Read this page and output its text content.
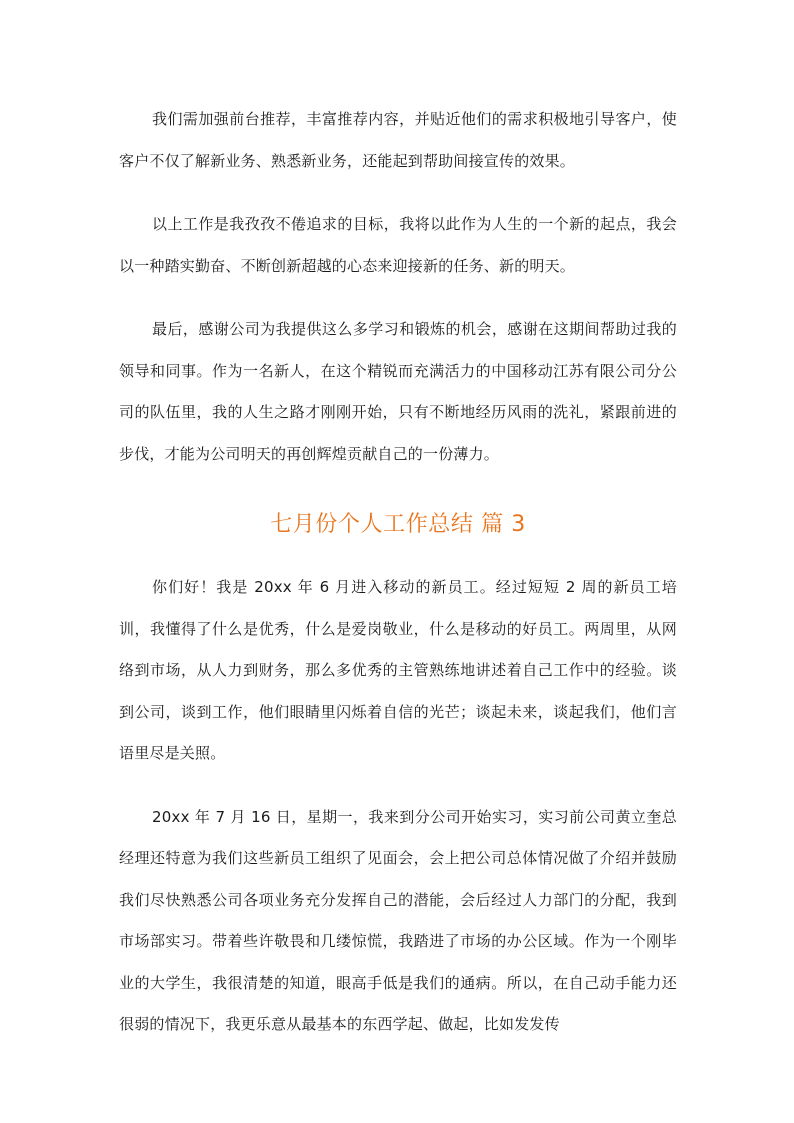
我们需加强前台推荐，丰富推荐内容，并贴近他们的需求积极地引导客户，使客户不仅了解新业务、熟悉新业务，还能起到帮助间接宣传的效果。

以上工作是我孜孜不倦追求的目标，我将以此作为人生的一个新的起点，我会以一种踏实勤奋、不断创新超越的心态来迎接新的任务、新的明天。

最后，感谢公司为我提供这么多学习和锻炼的机会，感谢在这期间帮助过我的领导和同事。作为一名新人，在这个精锐而充满活力的中国移动江苏有限公司分公司的队伍里，我的人生之路才刚刚开始，只有不断地经历风雨的洗礼，紧跟前进的步伐，才能为公司明天的再创辉煌贡献自己的一份薄力。

七月份个人工作总结 篇 3

你们好！我是 20xx 年 6 月进入移动的新员工。经过短短 2 周的新员工培训，我懂得了什么是优秀，什么是爱岗敬业，什么是移动的好员工。两周里，从网络到市场，从人力到财务，那么多优秀的主管熟练地讲述着自己工作中的经验。谈到公司，谈到工作，他们眼睛里闪烁着自信的光芒；谈起未来，谈起我们，他们言语里尽是关照。

20xx 年 7 月 16 日，星期一，我来到分公司开始实习，实习前公司黄立奎总经理还特意为我们这些新员工组织了见面会，会上把公司总体情况做了介绍并鼓励我们尽快熟悉公司各项业务充分发挥自己的潜能，会后经过人力部门的分配，我到市场部实习。带着些许敬畏和几缕惊慌，我踏进了市场的办公区域。作为一个刚毕业的大学生，我很清楚的知道，眼高手低是我们的通病。所以，在自己动手能力还很弱的情况下，我更乐意从最基本的东西学起、做起，比如发发传
